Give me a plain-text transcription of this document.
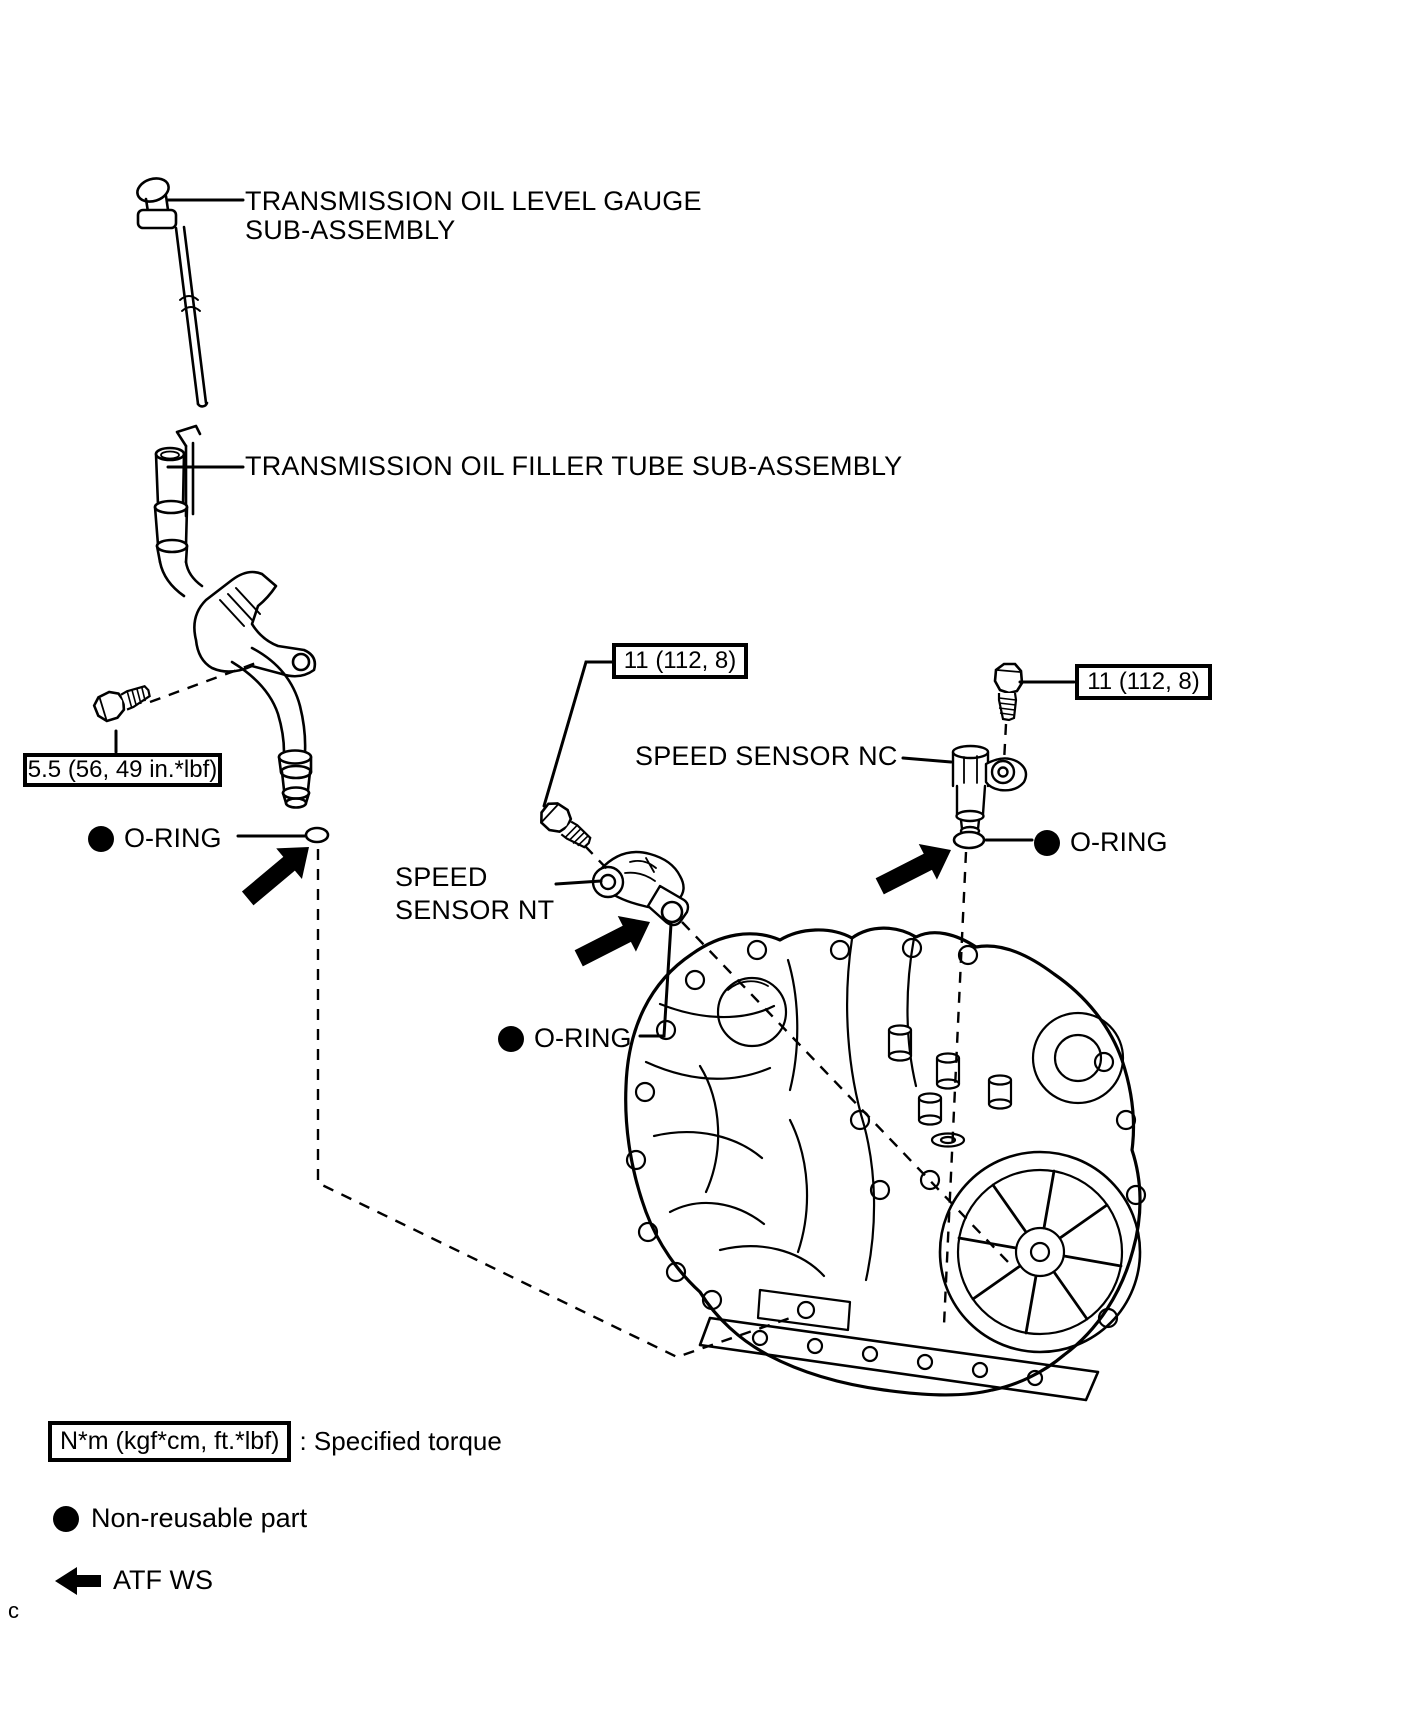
TRANSMISSION OIL LEVEL GAUGE
SUB-ASSEMBLY
TRANSMISSION OIL FILLER TUBE SUB-ASSEMBLY
5.5 (56, 49 in.*lbf)
O-RING
11 (112, 8)
SPEED
SENSOR NT
O-RING
11 (112, 8)
SPEED SENSOR NC
O-RING
N*m (kgf*cm, ft.*lbf) : Specified torque
Non-reusable part
ATF WS
c
